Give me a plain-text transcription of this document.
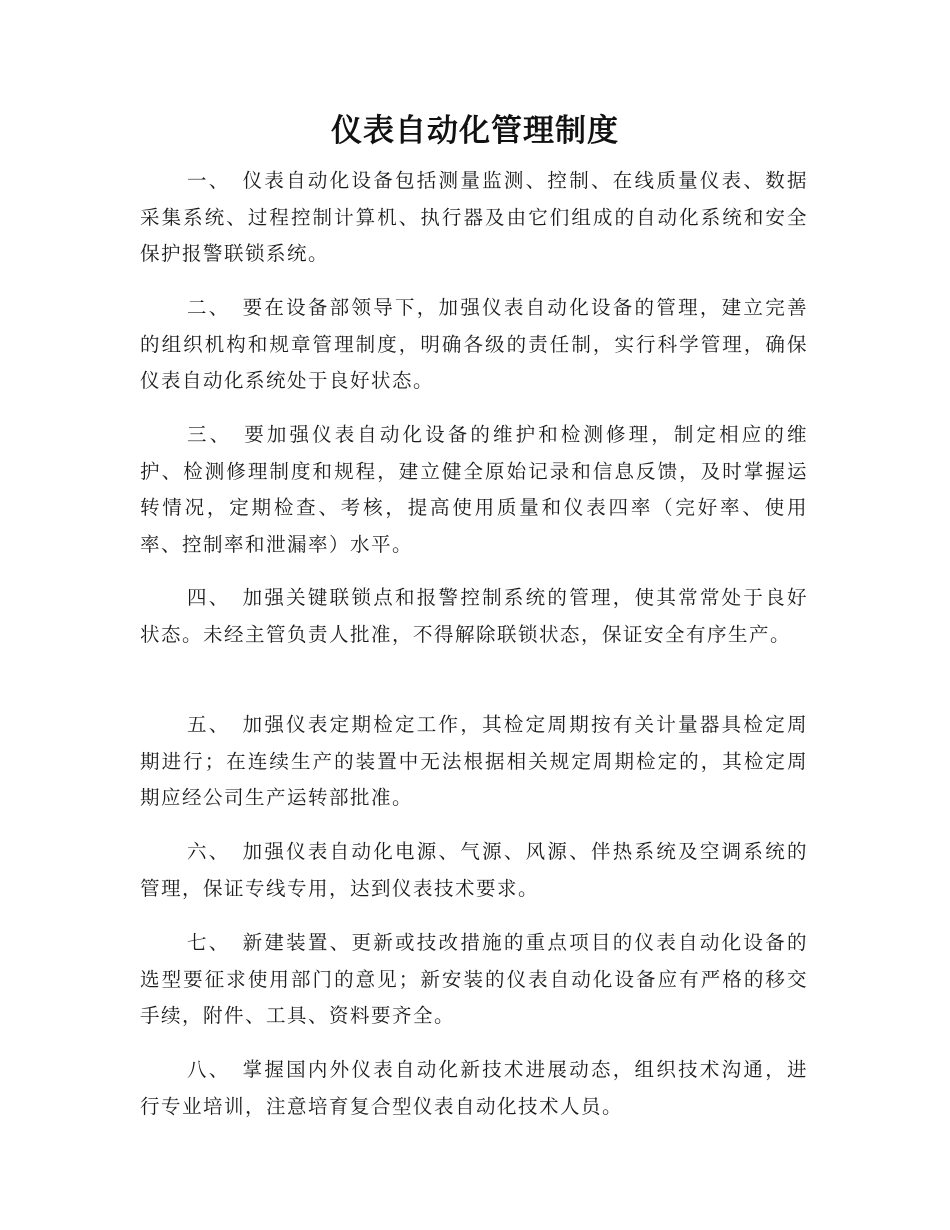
仪表自动化管理制度

一、 仪表自动化设备包括测量监测、控制、在线质量仪表、数据采集系统、过程控制计算机、执行器及由它们组成的自动化系统和安全保护报警联锁系统。

二、 要在设备部领导下，加强仪表自动化设备的管理，建立完善的组织机构和规章管理制度，明确各级的责任制，实行科学管理，确保仪表自动化系统处于良好状态。

三、 要加强仪表自动化设备的维护和检测修理，制定相应的维护、检测修理制度和规程，建立健全原始记录和信息反馈，及时掌握运转情况，定期检查、考核，提高使用质量和仪表四率（完好率、使用率、控制率和泄漏率）水平。

四、 加强关键联锁点和报警控制系统的管理，使其常常处于良好状态。未经主管负责人批准，不得解除联锁状态，保证安全有序生产。

五、 加强仪表定期检定工作，其检定周期按有关计量器具检定周期进行；在连续生产的装置中无法根据相关规定周期检定的，其检定周期应经公司生产运转部批准。

六、 加强仪表自动化电源、气源、风源、伴热系统及空调系统的管理，保证专线专用，达到仪表技术要求。

七、 新建装置、更新或技改措施的重点项目的仪表自动化设备的选型要征求使用部门的意见；新安装的仪表自动化设备应有严格的移交手续，附件、工具、资料要齐全。

八、 掌握国内外仪表自动化新技术进展动态，组织技术沟通，进行专业培训，注意培育复合型仪表自动化技术人员。
